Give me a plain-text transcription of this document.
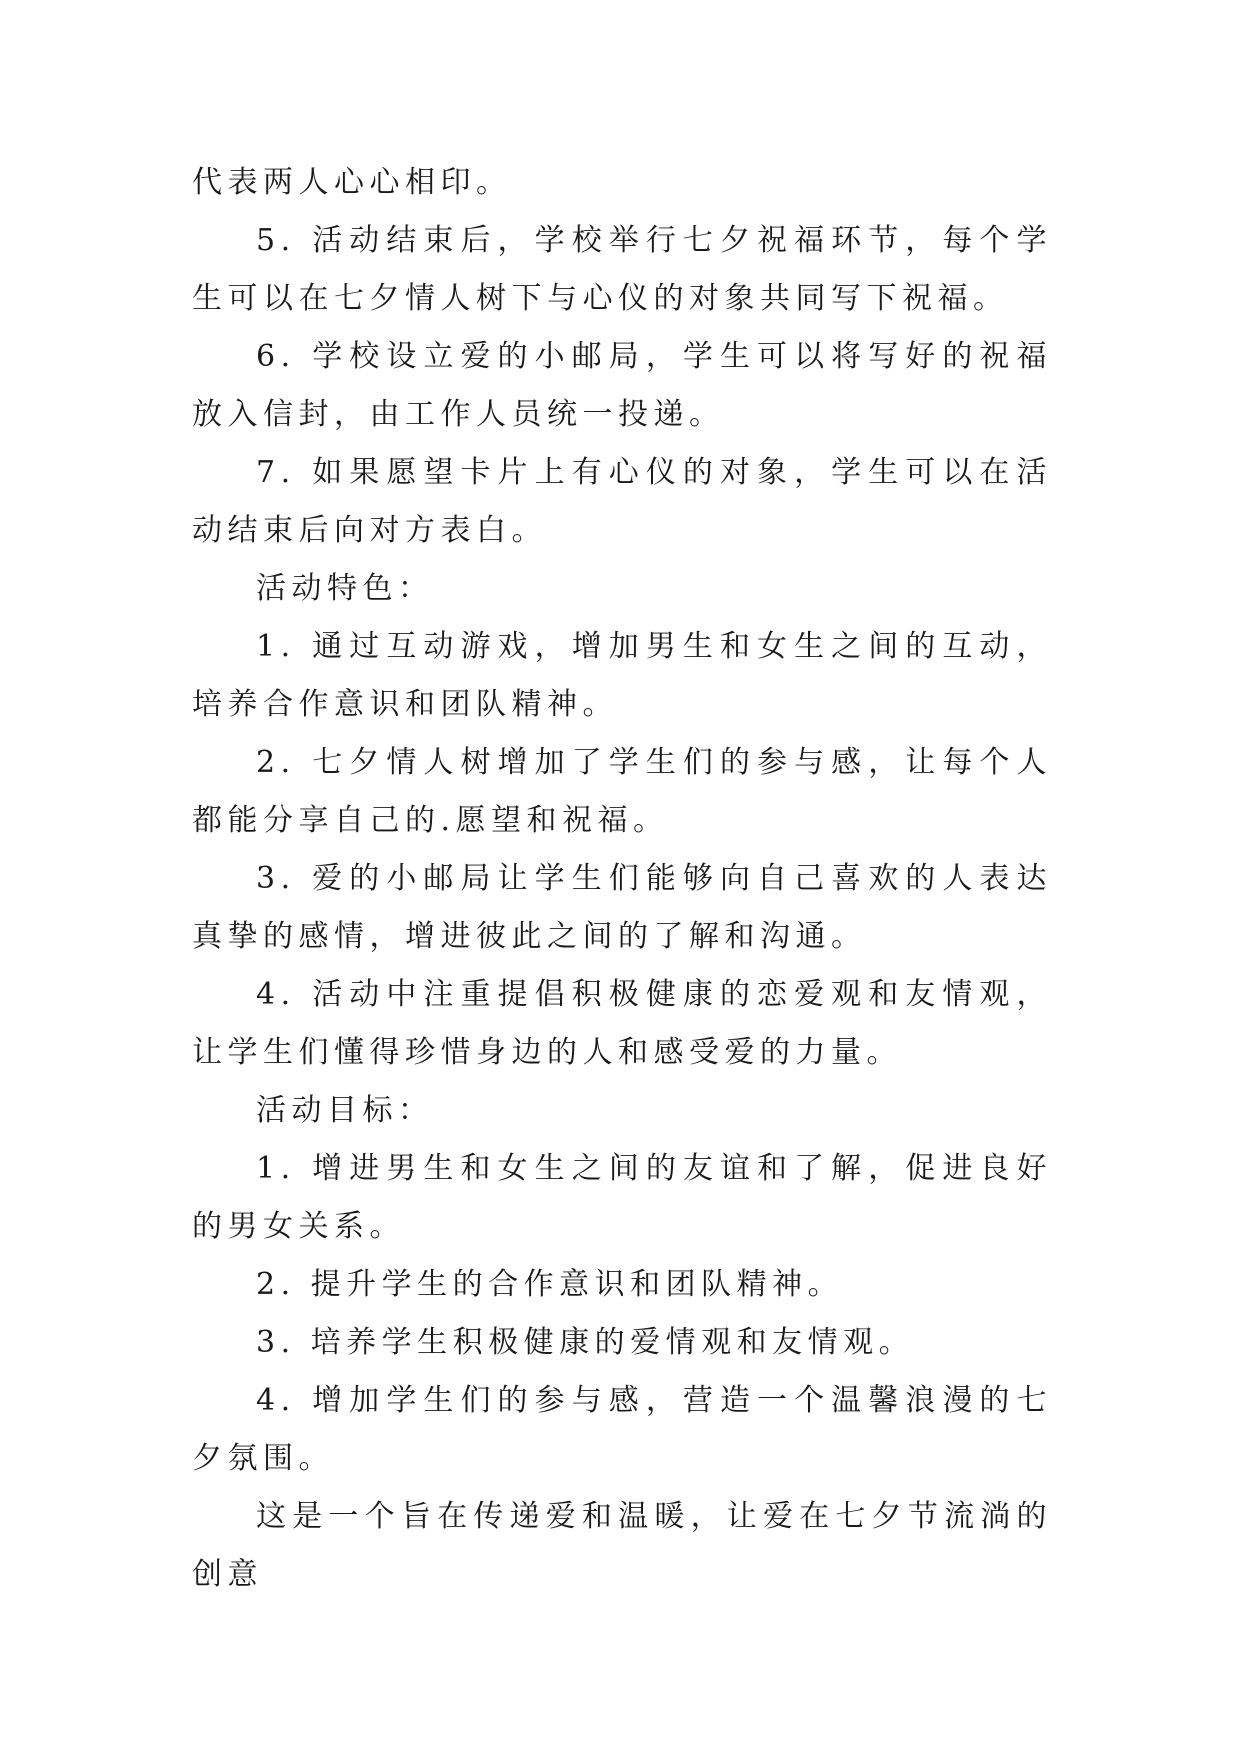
代表两人心心相印。

5. 活动结束后，学校举行七夕祝福环节，每个学生可以在七夕情人树下与心仪的对象共同写下祝福。

6. 学校设立爱的小邮局，学生可以将写好的祝福放入信封，由工作人员统一投递。

7. 如果愿望卡片上有心仪的对象，学生可以在活动结束后向对方表白。

活动特色：

1. 通过互动游戏，增加男生和女生之间的互动，培养合作意识和团队精神。

2. 七夕情人树增加了学生们的参与感，让每个人都能分享自己的.愿望和祝福。

3. 爱的小邮局让学生们能够向自己喜欢的人表达真挚的感情，增进彼此之间的了解和沟通。

4. 活动中注重提倡积极健康的恋爱观和友情观，让学生们懂得珍惜身边的人和感受爱的力量。

活动目标：

1. 增进男生和女生之间的友谊和了解，促进良好的男女关系。

2. 提升学生的合作意识和团队精神。

3. 培养学生积极健康的爱情观和友情观。

4. 增加学生们的参与感，营造一个温馨浪漫的七夕氛围。

这是一个旨在传递爱和温暖，让爱在七夕节流淌的创意
